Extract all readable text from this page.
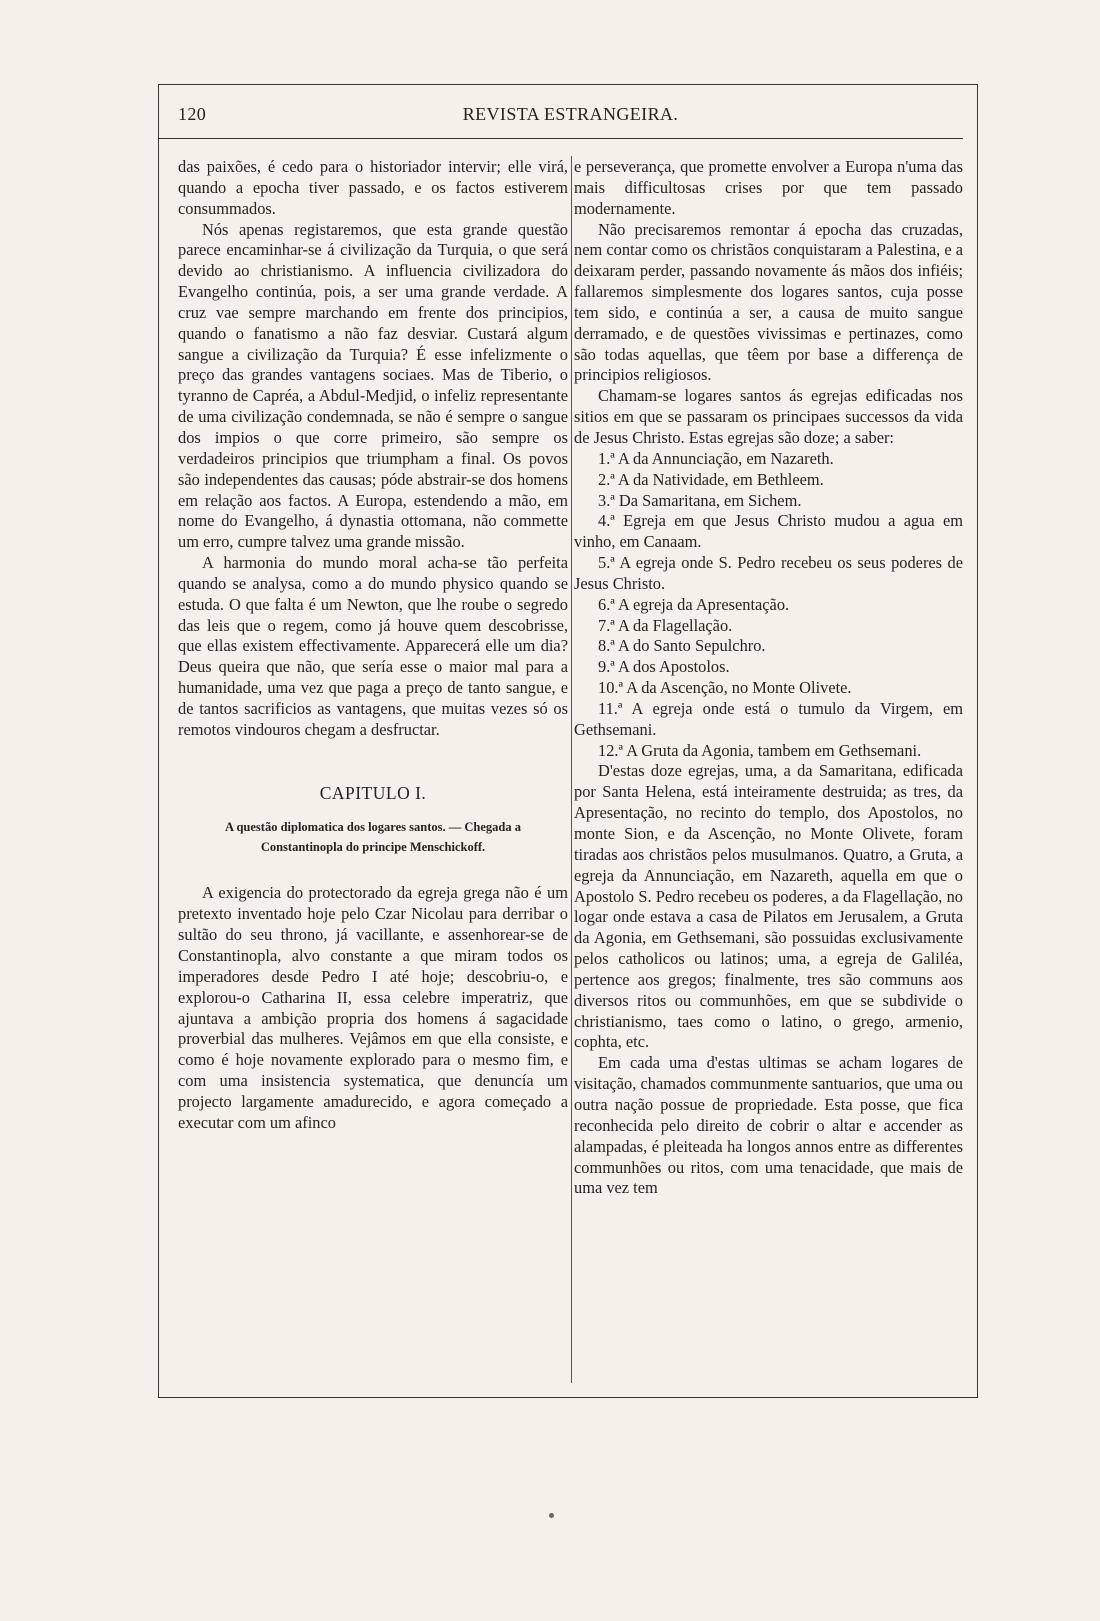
120	REVISTA ESTRANGEIRA.

das paixões, é cedo para o historiador intervir; elle virá, quando a epocha tiver passado, e os factos estiverem consummados.

Nós apenas registaremos, que esta grande questão parece encaminhar-se á civilização da Turquia, o que será devido ao christianismo. A influencia civilizadora do Evangelho continúa, pois, a ser uma grande verdade. A cruz vae sempre marchando em frente dos principios, quando o fanatismo a não faz desviar. Custará algum sangue a civilização da Turquia? É esse infelizmente o preço das grandes vantagens sociaes. Mas de Tiberio, o tyranno de Capréa, a Abdul-Medjid, o infeliz representante de uma civilização condemnada, se não é sempre o sangue dos impios o que corre primeiro, são sempre os verdadeiros principios que triumpham a final. Os povos são independentes das causas; póde abstrair-se dos homens em relação aos factos. A Europa, estendendo a mão, em nome do Evangelho, á dynastia ottomana, não commette um erro, cumpre talvez uma grande missão.

A harmonia do mundo moral acha-se tão perfeita quando se analysa, como a do mundo physico quando se estuda. O que falta é um Newton, que lhe roube o segredo das leis que o regem, como já houve quem descobrisse, que ellas existem effectivamente. Apparecerá elle um dia? Deus queira que não, que sería esse o maior mal para a humanidade, uma vez que paga a preço de tanto sangue, e de tantos sacrificios as vantagens, que muitas vezes só os remotos vindouros chegam a desfructar.

CAPITULO I.

A questão diplomatica dos logares santos. — Chegada a Constantinopla do principe Menschickoff.

A exigencia do protectorado da egreja grega não é um pretexto inventado hoje pelo Czar Nicolau para derribar o sultão do seu throno, já vacillante, e assenhorear-se de Constantinopla, alvo constante a que miram todos os imperadores desde Pedro I até hoje; descobriu-o, e explorou-o Catharina II, essa celebre imperatriz, que ajuntava a ambição propria dos homens á sagacidade proverbial das mulheres. Vejâmos em que ella consiste, e como é hoje novamente explorado para o mesmo fim, e com uma insistencia systematica, que denuncía um projecto largamente amadurecido, e agora começado a executar com um afinco

e perseverança, que promette envolver a Europa n'uma das mais difficultosas crises por que tem passado modernamente.

Não precisaremos remontar á epocha das cruzadas, nem contar como os christãos conquistaram a Palestina, e a deixaram perder, passando novamente ás mãos dos infiéis; fallaremos simplesmente dos logares santos, cuja posse tem sido, e continúa a ser, a causa de muito sangue derramado, e de questões vivissimas e pertinazes, como são todas aquellas, que têem por base a differença de principios religiosos.

Chamam-se logares santos ás egrejas edificadas nos sitios em que se passaram os principaes successos da vida de Jesus Christo. Estas egrejas são doze; a saber:

1.ª A da Annunciação, em Nazareth.

2.ª A da Natividade, em Bethleem.

3.ª Da Samaritana, em Sichem.

4.ª Egreja em que Jesus Christo mudou a agua em vinho, em Canaam.

5.ª A egreja onde S. Pedro recebeu os seus poderes de Jesus Christo.

6.ª A egreja da Apresentação.

7.ª A da Flagellação.

8.ª A do Santo Sepulchro.

9.ª A dos Apostolos.

10.ª A da Ascenção, no Monte Olivete.

11.ª A egreja onde está o tumulo da Virgem, em Gethsemani.

12.ª A Gruta da Agonia, tambem em Gethsemani.

D'estas doze egrejas, uma, a da Samaritana, edificada por Santa Helena, está inteiramente destruida; as tres, da Apresentação, no recinto do templo, dos Apostolos, no monte Sion, e da Ascenção, no Monte Olivete, foram tiradas aos christãos pelos musulmanos. Quatro, a Gruta, a egreja da Annunciação, em Nazareth, aquella em que o Apostolo S. Pedro recebeu os poderes, a da Flagellação, no logar onde estava a casa de Pilatos em Jerusalem, a Gruta da Agonia, em Gethsemani, são possuidas exclusivamente pelos catholicos ou latinos; uma, a egreja de Galiléa, pertence aos gregos; finalmente, tres são communs aos diversos ritos ou communhões, em que se subdivide o christianismo, taes como o latino, o grego, armenio, cophta, etc.

Em cada uma d'estas ultimas se acham logares de visitação, chamados communmente santuarios, que uma ou outra nação possue de propriedade. Esta posse, que fica reconhecida pelo direito de cobrir o altar e accender as alampadas, é pleiteada ha longos annos entre as differentes communhões ou ritos, com uma tenacidade, que mais de uma vez tem
